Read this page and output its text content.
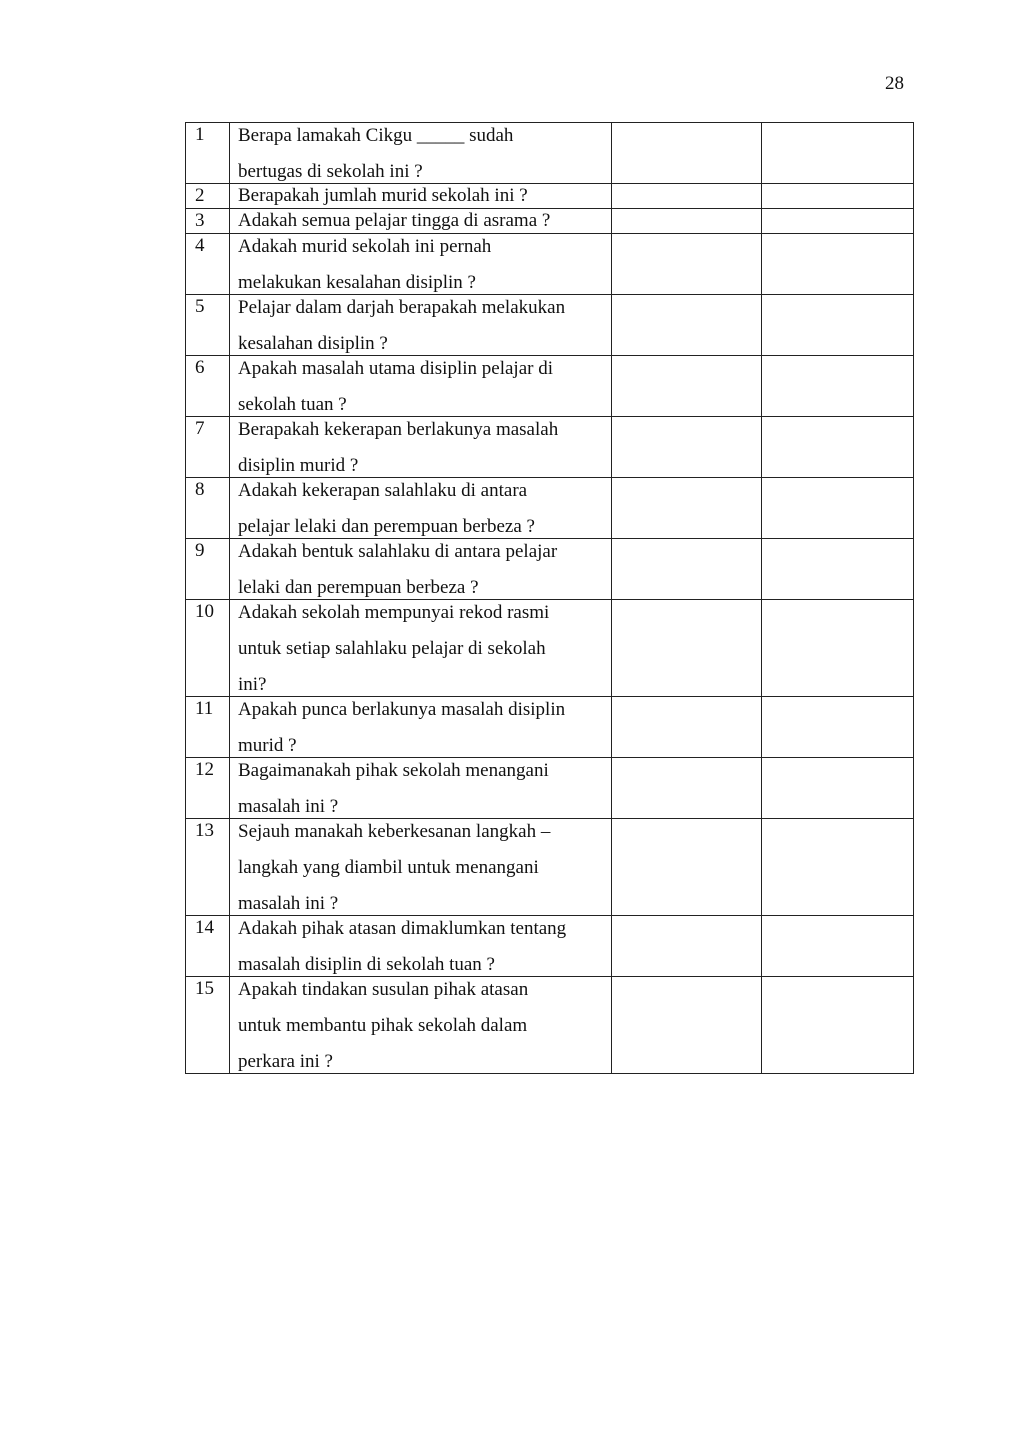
28
1	Berapa lamakah Cikgu _____ sudah
bertugas di sekolah ini ?		

2	Berapakah jumlah murid sekolah ini ?		

3	Adakah semua pelajar tingga di asrama ?		

4	Adakah murid sekolah ini pernah
melakukan kesalahan disiplin ?		

5	Pelajar dalam darjah berapakah melakukan
kesalahan disiplin ?		

6	Apakah masalah utama disiplin pelajar di
sekolah tuan ?		

7	Berapakah kekerapan berlakunya masalah
disiplin murid ?		

8	Adakah kekerapan salahlaku di antara
pelajar lelaki dan perempuan berbeza ?		

9	Adakah bentuk salahlaku di antara pelajar
lelaki dan perempuan berbeza ?		

10	Adakah sekolah mempunyai rekod rasmi
untuk setiap salahlaku pelajar di sekolah
ini?		

11	Apakah punca berlakunya masalah disiplin
murid ?		

12	Bagaimanakah pihak sekolah menangani
masalah ini ?		

13	Sejauh manakah keberkesanan langkah –
langkah yang diambil untuk menangani
masalah ini ?		

14	Adakah pihak atasan dimaklumkan tentang
masalah disiplin di sekolah tuan ?		

15	Apakah tindakan susulan pihak atasan
untuk membantu pihak sekolah dalam
perkara ini ?		
